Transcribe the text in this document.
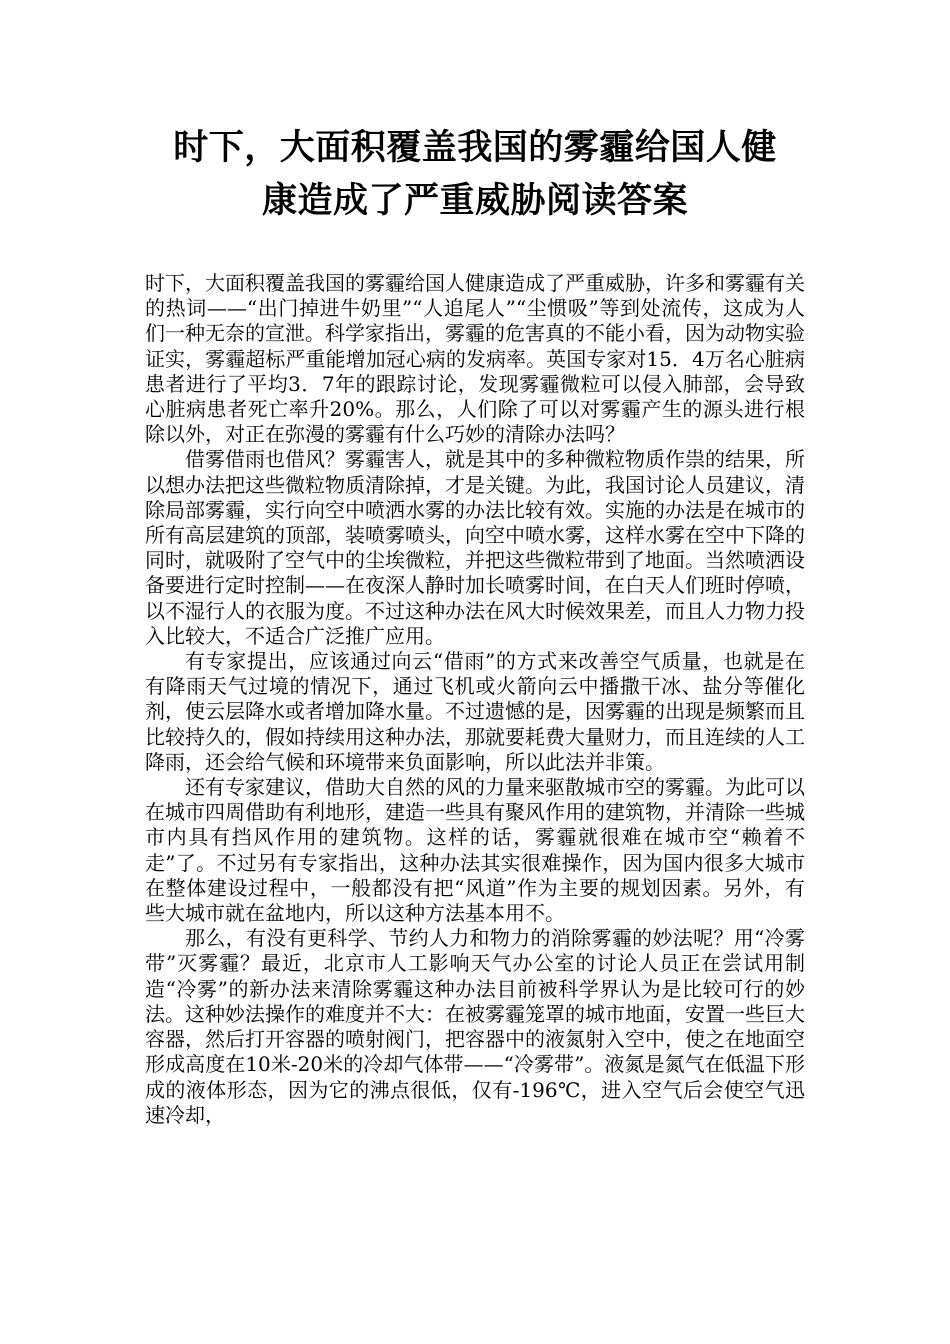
时下，大面积覆盖我国的雾霾给国人健
康造成了严重威胁阅读答案

时下，大面积覆盖我国的雾霾给国人健康造成了严重威胁，许多和雾霾有关的热词——“出门掉进牛奶里”“人追尾人”“尘惯吸”等到处流传，这成为人们一种无奈的宣泄。科学家指出，雾霾的危害真的不能小看，因为动物实验证实，雾霾超标严重能增加冠心病的发病率。英国专家对15．4万名心脏病患者进行了平均3．7年的跟踪讨论，发现雾霾微粒可以侵入肺部，会导致心脏病患者死亡率升20%。那么，人们除了可以对雾霾产生的源头进行根除以外，对正在弥漫的雾霾有什么巧妙的清除办法吗？

借雾借雨也借风？雾霾害人，就是其中的多种微粒物质作祟的结果，所以想办法把这些微粒物质清除掉，才是关键。为此，我国讨论人员建议，清除局部雾霾，实行向空中喷洒水雾的办法比较有效。实施的办法是在城市的所有高层建筑的顶部，装喷雾喷头，向空中喷水雾，这样水雾在空中下降的同时，就吸附了空气中的尘埃微粒，并把这些微粒带到了地面。当然喷洒设备要进行定时控制——在夜深人静时加长喷雾时间，在白天人们班时停喷，以不湿行人的衣服为度。不过这种办法在风大时候效果差，而且人力物力投入比较大，不适合广泛推广应用。

有专家提出，应该通过向云“借雨”的方式来改善空气质量，也就是在有降雨天气过境的情况下，通过飞机或火箭向云中播撒干冰、盐分等催化剂，使云层降水或者增加降水量。不过遗憾的是，因雾霾的出现是频繁而且比较持久的，假如持续用这种办法，那就要耗费大量财力，而且连续的人工降雨，还会给气候和环境带来负面影响，所以此法并非策。

还有专家建议，借助大自然的风的力量来驱散城市空的雾霾。为此可以在城市四周借助有利地形，建造一些具有聚风作用的建筑物，并清除一些城市内具有挡风作用的建筑物。这样的话，雾霾就很难在城市空“赖着不走”了。不过另有专家指出，这种办法其实很难操作，因为国内很多大城市在整体建设过程中，一般都没有把“风道”作为主要的规划因素。另外，有些大城市就在盆地内，所以这种方法基本用不。

那么，有没有更科学、节约人力和物力的消除雾霾的妙法呢？用“冷雾带”灭雾霾？最近，北京市人工影响天气办公室的讨论人员正在尝试用制造“冷雾”的新办法来清除雾霾这种办法目前被科学界认为是比较可行的妙法。这种妙法操作的难度并不大：在被雾霾笼罩的城市地面，安置一些巨大容器，然后打开容器的喷射阀门，把容器中的液氮射入空中，使之在地面空形成高度在10米-20米的冷却气体带——“冷雾带”。液氮是氮气在低温下形成的液体形态，因为它的沸点很低，仅有-196℃，进入空气后会使空气迅速冷却，
